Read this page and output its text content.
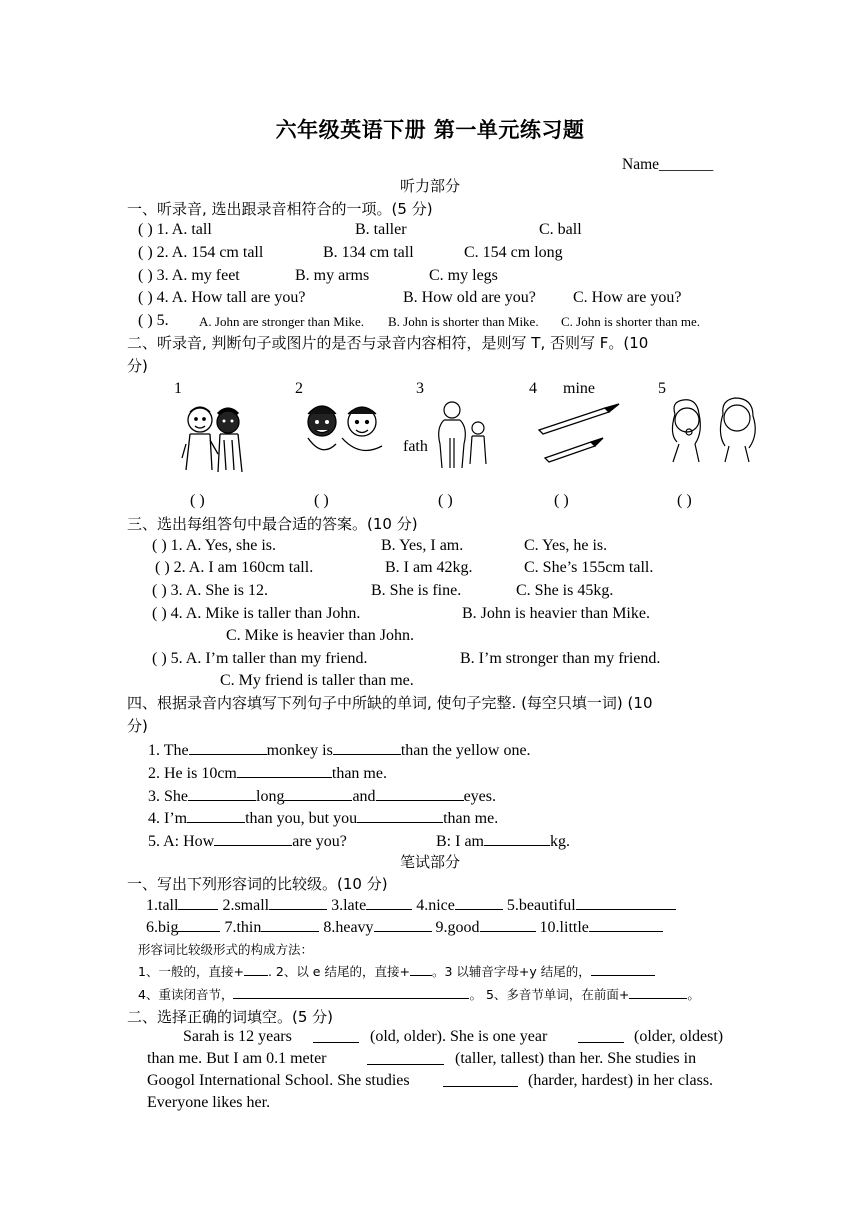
六年级英语下册 第一单元练习题
Name_______
听力部分
一、听录音, 选出跟录音相符合的一项。(5 分)
( ) 1. A. tall	B. taller	C. ball
( ) 2. A. 154 cm tall	B. 134 cm tall	C. 154 cm long
( ) 3. A. my feet	B. my arms	C. my legs
( ) 4. A. How tall are you?	B. How old are you? C. How are you?
( ) 5. A. John are stronger than Mike. B. John is shorter than Mike. C. John is shorter than me.
二、听录音, 判断句子或图片的是否与录音内容相符，是则写 T, 否则写 F。(10
分)
1	2	3	4 mine	5
fath
( )	( )	( )	( )	( )
三、选出每组答句中最合适的答案。(10 分)
( ) 1. A. Yes, she is.	B. Yes, I am.	C. Yes, he is.
( ) 2. A. I am 160cm tall.	B. I am 42kg.	C. She’s 155cm tall.
( ) 3. A. She is 12.	B. She is fine.	C. She is 45kg.
( ) 4. A. Mike is taller than John.	B. John is heavier than Mike.
C. Mike is heavier than John.
( ) 5. A. I’m taller than my friend.	B. I’m stronger than my friend.
C. My friend is taller than me.
四、根据录音内容填写下列句子中所缺的单词, 使句子完整. (每空只填一词) (10
分)
1. The	monkey is	than the yellow one.
2. He is 10cm	than me.
3. She	long	and	eyes.
4. I’m	than you, but you	than me.
5. A: How	are you?	B: I am	kg.
笔试部分
一、写出下列形容词的比较级。(10 分)
1.tall	2.small	3.late	4.nice	5.beautiful
6.big	7.thin	8.heavy	9.good	10.little
形容词比较级形式的构成方法：
1、一般的，直接+ . 2、以 e 结尾的，直接+ 。3 以辅音字母+y 结尾的，
4、重读闭音节，	。 5、多音节单词，在前面+	。
二、选择正确的词填空。(5 分)
Sarah is 12 years	(old, older). She is one year	(older, oldest)
than me. But I am 0.1 meter	(taller, tallest) than her. She studies in
Googol International School. She studies	(harder, hardest) in her class.
Everyone likes her.
